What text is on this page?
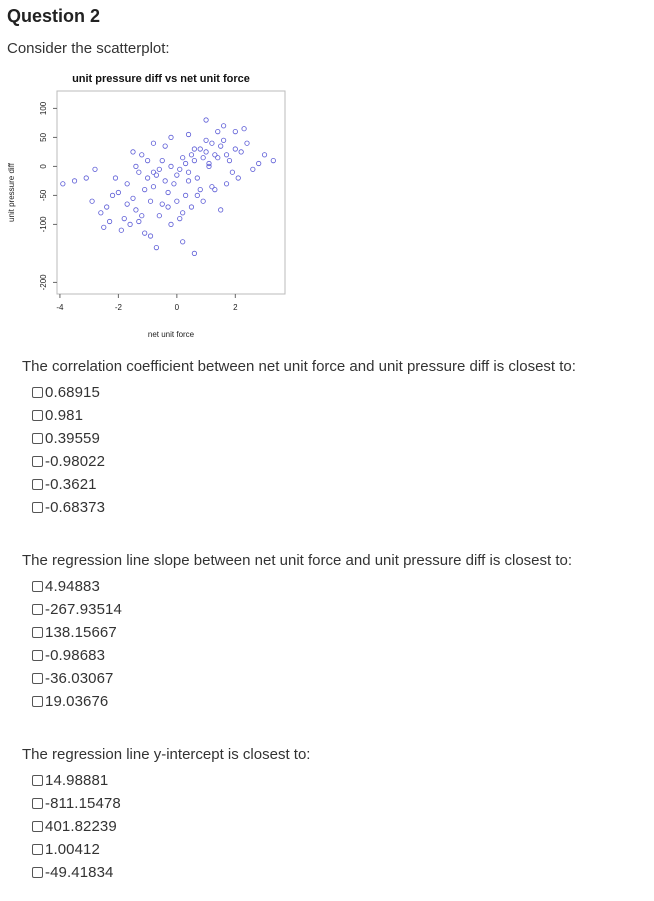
Question 2
Consider the scatterplot:
unit pressure diff vs net unit force
-4	-2	0	2
-200
-100
-50
0
50
100
net unit force
unit pressure diff
The correlation coefficient between net unit force and unit pressure diff is closest to:
0.68915
0.981
0.39559
-0.98022
-0.3621
-0.68373
The regression line slope between net unit force and unit pressure diff is closest to:
4.94883
-267.93514
138.15667
-0.98683
-36.03067
19.03676
The regression line y-intercept is closest to:
14.98881
-811.15478
401.82239
1.00412
-49.41834
